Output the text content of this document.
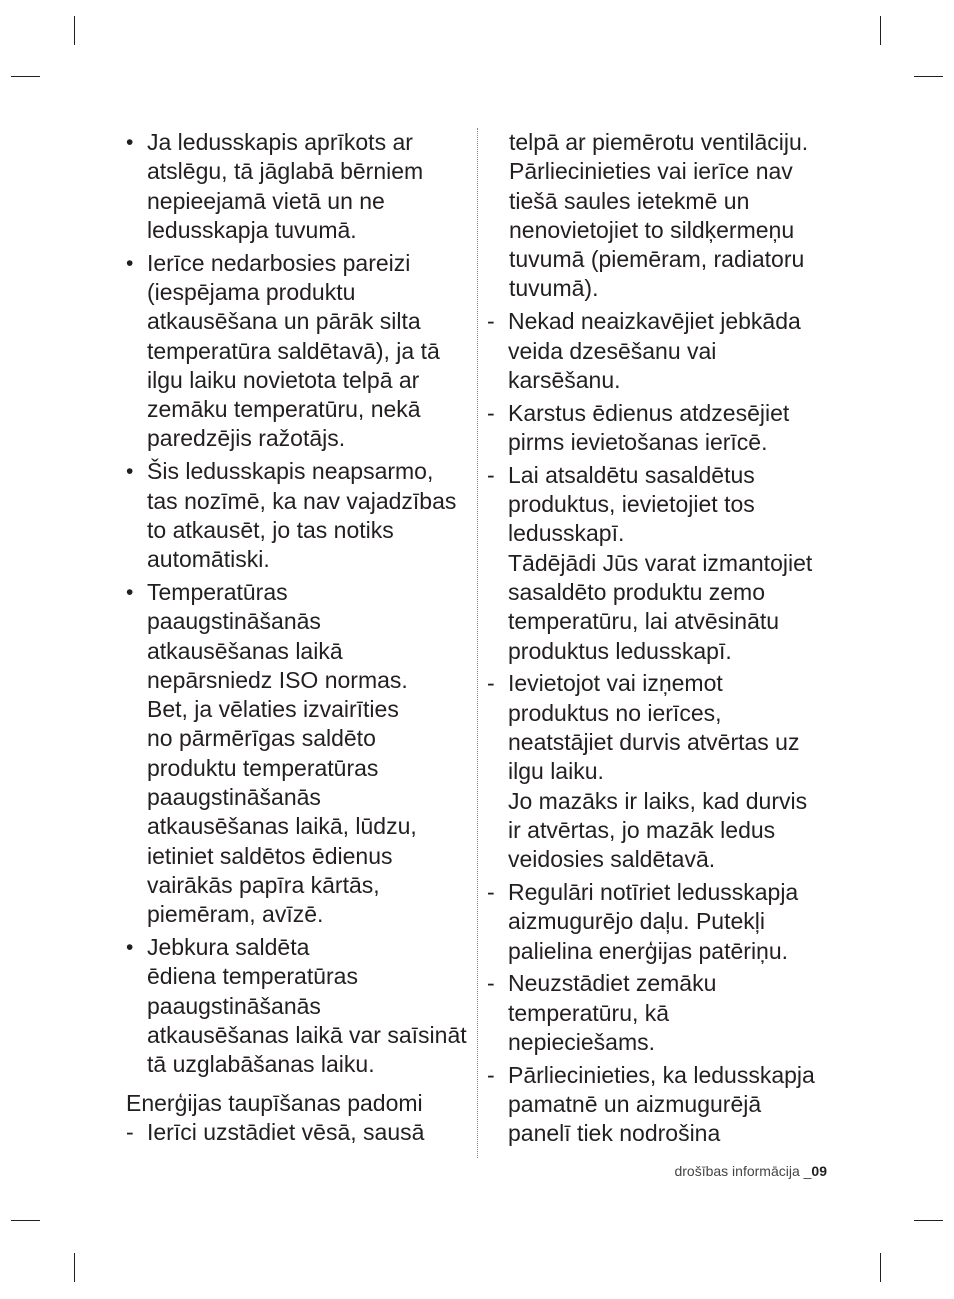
• Ja ledusskapis aprīkots ar
atslēgu, tā jāglabā bērniem
nepieejamā vietā un ne
ledusskapja tuvumā.
• Ierīce nedarbosies pareizi
(iespējama produktu
atkausēšana un pārāk silta
temperatūra saldētavā), ja tā
ilgu laiku novietota telpā ar
zemāku temperatūru, nekā
paredzējis ražotājs.
• Šis ledusskapis neapsarmo,
tas nozīmē, ka nav vajadzības
to atkausēt, jo tas notiks
automātiski.
• Temperatūras
paaugstināšanās
atkausēšanas laikā
nepārsniedz ISO normas.
Bet, ja vēlaties izvairīties
no pārmērīgas saldēto
produktu temperatūras
paaugstināšanās
atkausēšanas laikā, lūdzu,
ietiniet saldētos ēdienus
vairākās papīra kārtās,
piemēram, avīzē.
• Jebkura saldēta
ēdiena temperatūras
paaugstināšanās
atkausēšanas laikā var saīsināt
tā uzglabāšanas laiku.
Enerģijas taupīšanas padomi
- Ierīci uzstādiet vēsā, sausā
telpā ar piemērotu ventilāciju.
Pārliecinieties vai ierīce nav
tiešā saules ietekmē un
nenovietojiet to sildķermeņu
tuvumā (piemēram, radiatoru
tuvumā).
- Nekad neaizkavējiet jebkāda
veida dzesēšanu vai
karsēšanu.
- Karstus ēdienus atdzesējiet
pirms ievietošanas ierīcē.
- Lai atsaldētu sasaldētus
produktus, ievietojiet tos
ledusskapī.
Tādējādi Jūs varat izmantojiet
sasaldēto produktu zemo
temperatūru, lai atvēsinātu
produktus ledusskapī.
- Ievietojot vai izņemot
produktus no ierīces,
neatstājiet durvis atvērtas uz
ilgu laiku.
Jo mazāks ir laiks, kad durvis
ir atvērtas, jo mazāk ledus
veidosies saldētavā.
- Regulāri notīriet ledusskapja
aizmugurējo daļu. Putekļi
palielina enerģijas patēriņu.
- Neuzstādiet zemāku
temperatūru, kā
nepieciešams.
- Pārliecinieties, ka ledusskapja
pamatnē un aizmugurējā
panelī tiek nodrošina
drošības informācija _09
